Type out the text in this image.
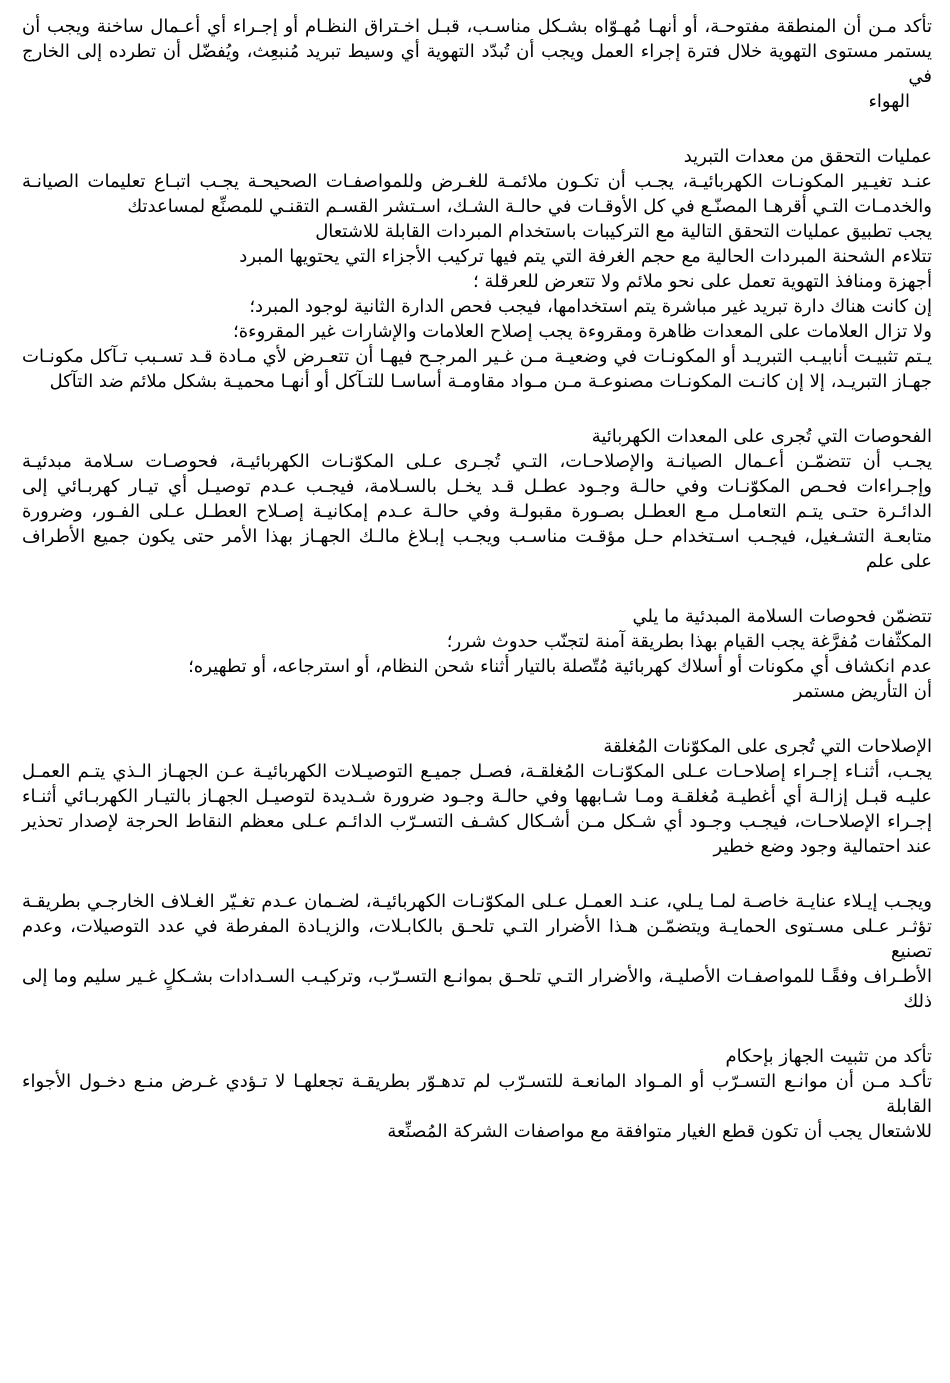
تأكد مـن أن المنطقة مفتوحـة، أو أنهـا مُهـوّاه بشـكل مناسـب، قبـل اخـتراق النظـام أو إجـراء أي أعـمال ساخنة ويجب أن يستمر مستوى التهوية خلال فترة إجراء العمل ويجب أن تُبدّد التهوية أي وسيط تبريد مُنبعِث، ويُفضّل أن تطرده إلى الخارج في

الهواء

عمليات التحقق من معدات التبريد

عنـد تغيـير المكونـات الكهربائيـة، يجـب أن تكـون ملائمـة للغـرض وللمواصفـات الصحيحـة يجـب اتبـاع تعليمات الصيانـة والخدمـات التـي أقرهـا المصنّـع في كل الأوقـات في حالـة الشـك، اسـتشر القسـم التقنـي للمصنِّع لمساعدتك

يجب تطبيق عمليات التحقق التالية مع التركيبات باستخدام المبردات القابلة للاشتعال

تتلاءم الشحنة المبردات الحالية مع حجم الغرفة التي يتم فيها تركيب الأجزاء التي يحتويها المبرد

أجهزة ومنافذ التهوية تعمل على نحو ملائم ولا تتعرض للعرقلة ؛

إن كانت هناك دارة تبريد غير مباشرة يتم استخدامها، فيجب فحص الدارة الثانية لوجود المبرد؛

ولا تزال العلامات على المعدات ظاهرة ومقروءة يجب إصلاح العلامات والإشارات غير المقروءة؛

يـتم تثبيـت أنابيـب التبريـد أو المكونـات في وضعيـة مـن غـير المرجـح فيهـا أن تتعـرض لأي مـادة قـد تسـبب تـآكل مكونـات جهـاز التبريـد، إلا إن كانـت المكونـات مصنوعـة مـن مـواد مقاومـة أساسـا للتـآكل أو أنهـا محميـة بشكل ملائم ضد التآكل

الفحوصات التي تُجرى على المعدات الكهربائية

يجـب أن تتضمّـن أعـمال الصيانـة والإصلاحـات، التـي تُجـرى عـلى المكوّنـات الكهربائيـة، فحوصـات سـلامة مبدئيـة وإجـراءات فحـص المكوّنـات وفي حالـة وجـود عطـل قـد يخـل بالسـلامة، فيجـب عـدم توصيـل أي تيـار كهربـائي إلى الدائـرة حتـى يتـم التعامـل مـع العطـل بصـورة مقبولـة وفي حالـة عـدم إمكانيـة إصـلاح العطـل عـلى الفـور، وضرورة متابعـة التشـغيل، فيجـب اسـتخدام حـل مؤقـت مناسـب ويجـب إبـلاغ مالـك الجهـاز بهذا الأمر حتى يكون جميع الأطراف على علم

تتضمّن فحوصات السلامة المبدئية ما يلي

المكثّفات مُفرَّغة يجب القيام بهذا بطريقة آمنة لتجنّب حدوث شرر؛

عدم انكشاف أي مكونات أو أسلاك كهربائية مُتّصلة بالتيار أثناء شحن النظام، أو استرجاعه، أو تطهيره؛

أن التأريض مستمر

الإصلاحات التي تُجرى على المكوّنات المُغلقة

يجـب، أثنـاء إجـراء إصلاحـات عـلى المكوّنـات المُغلقـة، فصـل جميـع التوصيـلات الكهربائيـة عـن الجهـاز الـذي يتـم العمـل عليـه قبـل إزالـة أي أغطيـة مُغلقـة ومـا شـابهها وفي حالـة وجـود ضرورة شـديدة لتوصيـل الجهـاز بالتيـار الكهربـائي أثنـاء إجـراء الإصلاحـات، فيجـب وجـود أي شـكل مـن أشـكال كشـف التسـرّب الدائـم عـلى معظم النقاط الحرجة لإصدار تحذير عند احتمالية وجود وضع خطير

ويجـب إيـلاء عنايـة خاصـة لمـا يـلي، عنـد العمـل عـلى المكوّنـات الكهربائيـة، لضـمان عـدم تغـيّر الغـلاف الخارجـي بطريقـة تؤثـر عـلى مسـتوى الحمايـة ويتضمّـن هـذا الأضرار التـي تلحـق بالكابـلات، والزيـادة المفرطة في عدد التوصيلات، وعدم تصنيع

الأطـراف وفقًـا للمواصفـات الأصليـة، والأضرار التـي تلحـق بموانـع التسـرّب، وتركيـب السـدادات بشـكلٍ غـير سليم وما إلى ذلك

تأكد من تثبيت الجهاز بإحكام

تأكـد مـن أن موانـع التسـرّب أو المـواد المانعـة للتسـرّب لم تدهـوّر بطريقـة تجعلهـا لا تـؤدي غـرض منـع دخـول الأجواء القابلة

للاشتعال يجب أن تكون قطع الغيار متوافقة مع مواصفات الشركة المُصنِّعة
